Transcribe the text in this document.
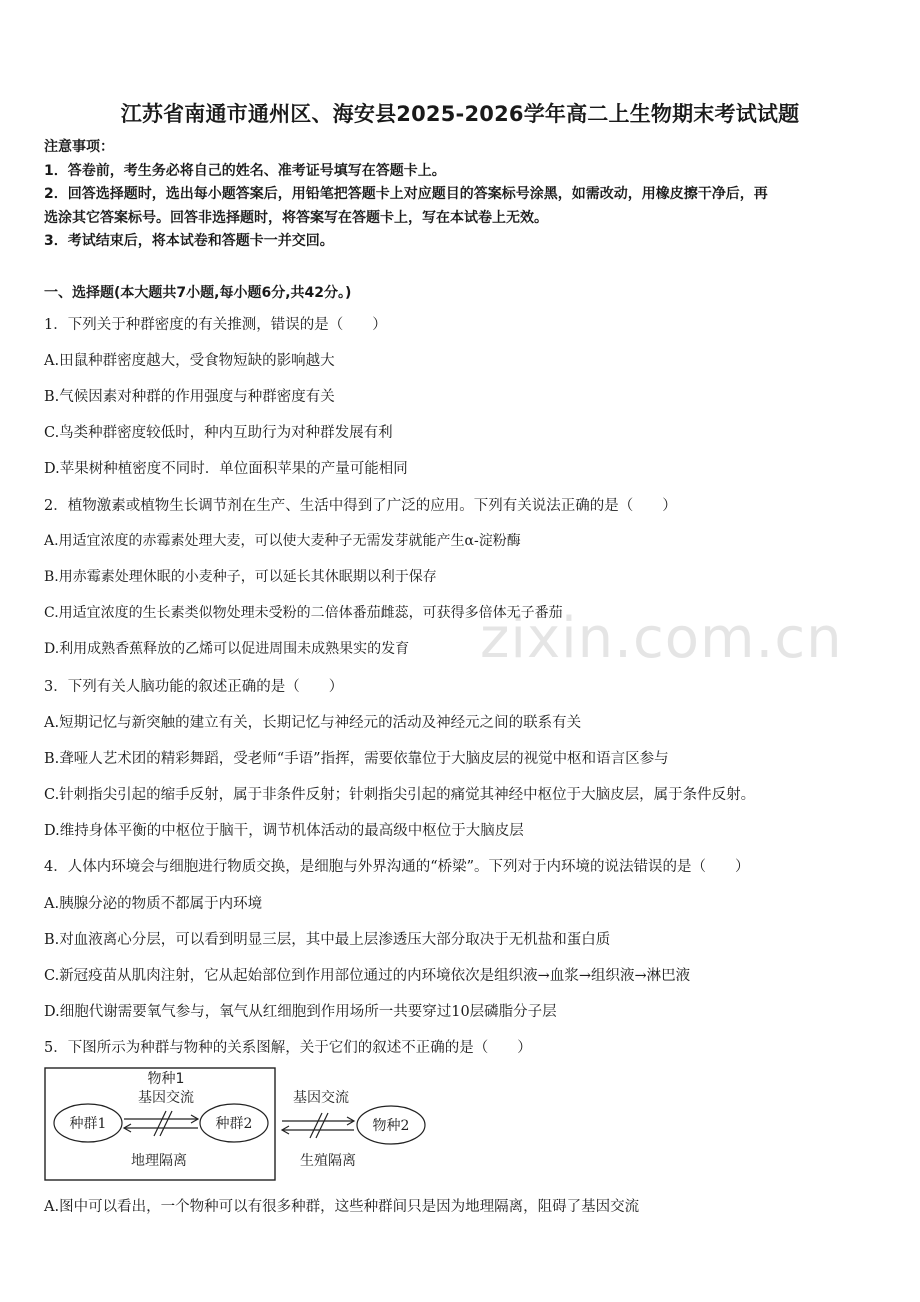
江苏省南通市通州区、海安县2025-2026学年高二上生物期末考试试题
注意事项：
1．答卷前，考生务必将自己的姓名、准考证号填写在答题卡上。
2．回答选择题时，选出每小题答案后，用铅笔把答题卡上对应题目的答案标号涂黑，如需改动，用橡皮擦干净后，再
选涂其它答案标号。回答非选择题时，将答案写在答题卡上，写在本试卷上无效。
3．考试结束后，将本试卷和答题卡一并交回。
一、选择题(本大题共7小题,每小题6分,共42分。)
1．下列关于种群密度的有关推测，错误的是（　　）
A.田鼠种群密度越大，受食物短缺的影响越大
B.气候因素对种群的作用强度与种群密度有关
C.鸟类种群密度较低时，种内互助行为对种群发展有利
D.苹果树种植密度不同时．单位面积苹果的产量可能相同
2．植物激素或植物生长调节剂在生产、生活中得到了广泛的应用。下列有关说法正确的是（　　）
A.用适宜浓度的赤霉素处理大麦，可以使大麦种子无需发芽就能产生α-淀粉酶
B.用赤霉素处理休眠的小麦种子，可以延长其休眠期以利于保存
C.用适宜浓度的生长素类似物处理未受粉的二倍体番茄雌蕊，可获得多倍体无子番茄
D.利用成熟香蕉释放的乙烯可以促进周围未成熟果实的发育
3．下列有关人脑功能的叙述正确的是（　　）
A.短期记忆与新突触的建立有关，长期记忆与神经元的活动及神经元之间的联系有关
B.聋哑人艺术团的精彩舞蹈，受老师“手语”指挥，需要依靠位于大脑皮层的视觉中枢和语言区参与
C.针刺指尖引起的缩手反射，属于非条件反射；针刺指尖引起的痛觉其神经中枢位于大脑皮层，属于条件反射。
D.维持身体平衡的中枢位于脑干，调节机体活动的最高级中枢位于大脑皮层
4．人体内环境会与细胞进行物质交换，是细胞与外界沟通的“桥梁”。下列对于内环境的说法错误的是（　　）
A.胰腺分泌的物质不都属于内环境
B.对血液离心分层，可以看到明显三层，其中最上层渗透压大部分取决于无机盐和蛋白质
C.新冠疫苗从肌肉注射，它从起始部位到作用部位通过的内环境依次是组织液→血浆→组织液→淋巴液
D.细胞代谢需要氧气参与，氧气从红细胞到作用场所一共要穿过10层磷脂分子层
5．下图所示为种群与物种的关系图解，关于它们的叙述不正确的是（　　）
物种1
基因交流
种群1	种群2
地理隔离
基因交流
物种2
生殖隔离
A.图中可以看出，一个物种可以有很多种群，这些种群间只是因为地理隔离，阻碍了基因交流
zixin.com.cn
